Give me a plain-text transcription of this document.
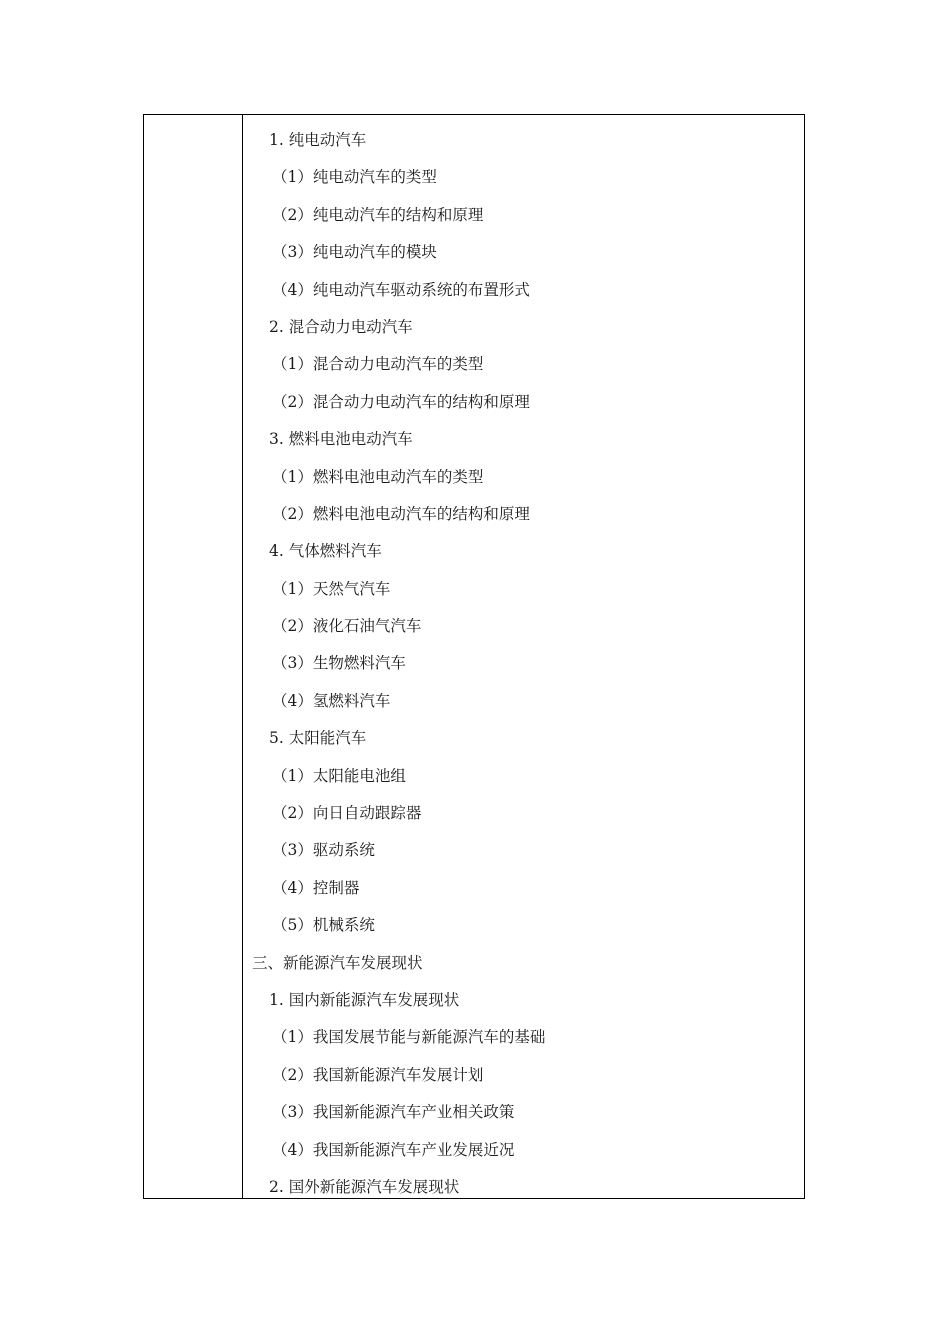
1. 纯电动汽车
（1）纯电动汽车的类型
（2）纯电动汽车的结构和原理
（3）纯电动汽车的模块
（4）纯电动汽车驱动系统的布置形式
2. 混合动力电动汽车
（1）混合动力电动汽车的类型
（2）混合动力电动汽车的结构和原理
3. 燃料电池电动汽车
（1）燃料电池电动汽车的类型
（2）燃料电池电动汽车的结构和原理
4. 气体燃料汽车
（1）天然气汽车
（2）液化石油气汽车
（3）生物燃料汽车
（4）氢燃料汽车
5. 太阳能汽车
（1）太阳能电池组
（2）向日自动跟踪器
（3）驱动系统
（4）控制器
（5）机械系统
三、新能源汽车发展现状
1. 国内新能源汽车发展现状
（1）我国发展节能与新能源汽车的基础
（2）我国新能源汽车发展计划
（3）我国新能源汽车产业相关政策
（4）我国新能源汽车产业发展近况
2. 国外新能源汽车发展现状
